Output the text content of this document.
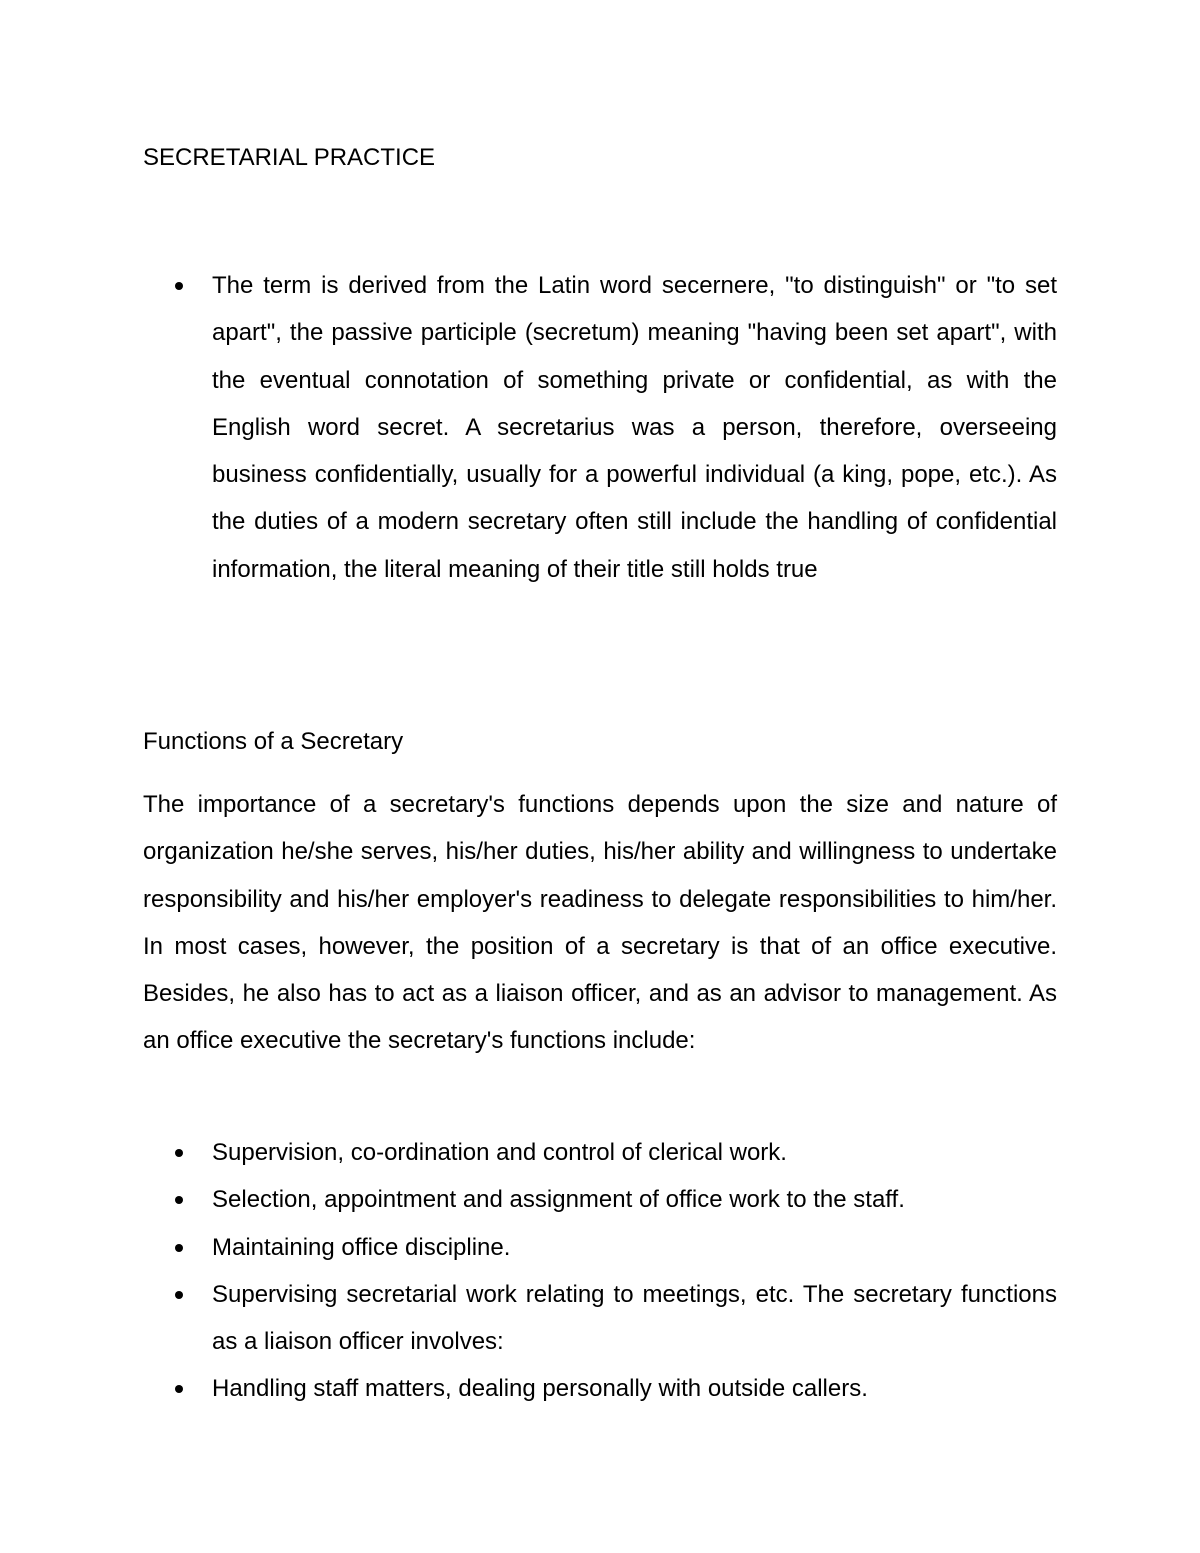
SECRETARIAL PRACTICE
The term is derived from the Latin word secernere, "to distinguish" or "to set apart", the passive participle (secretum) meaning "having been set apart", with the eventual connotation of something private or confidential, as with the English word secret. A secretarius was a person, therefore, overseeing business confidentially, usually for a powerful individual (a king, pope, etc.). As the duties of a modern secretary often still include the handling of confidential information, the literal meaning of their title still holds true
Functions of a Secretary

The importance of a secretary's functions depends upon the size and nature of organization he/she serves, his/her duties, his/her ability and willingness to undertake responsibility and his/her employer's readiness to delegate responsibilities to him/her. In most cases, however, the position of a secretary is that of an office executive. Besides, he also has to act as a liaison officer, and as an advisor to management. As an office executive the secretary's functions include:

Supervision, co-ordination and control of clerical work.
Selection, appointment and assignment of office work to the staff.
Maintaining office discipline.
Supervising secretarial work relating to meetings, etc. The secretary functions as a liaison officer involves:
Handling staff matters, dealing personally with outside callers.
